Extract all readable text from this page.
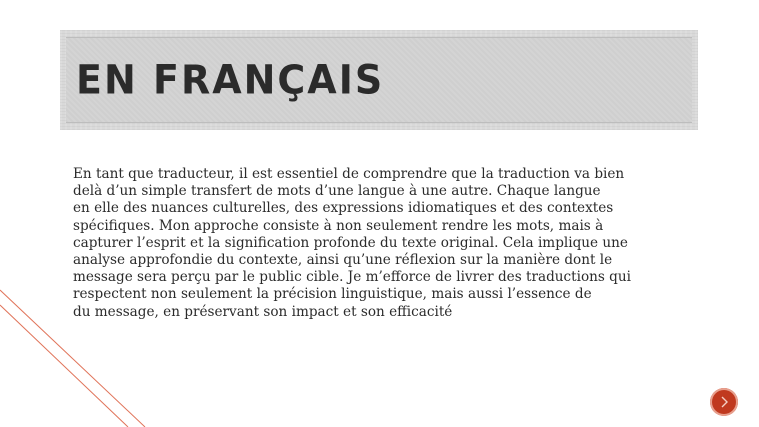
EN FRANÇAIS
En tant que traducteur, il est essentiel de comprendre que la traduction va bien
delà d’un simple transfert de mots d’une langue à une autre. Chaque langue
en elle des nuances culturelles, des expressions idiomatiques et des contextes
spécifiques. Mon approche consiste à non seulement rendre les mots, mais à
capturer l’esprit et la signification profonde du texte original. Cela implique une
analyse approfondie du contexte, ainsi qu’une réflexion sur la manière dont le
message sera perçu par le public cible. Je m’efforce de livrer des traductions qui
respectent non seulement la précision linguistique, mais aussi l’essence de
du message, en préservant son impact et son efficacité
